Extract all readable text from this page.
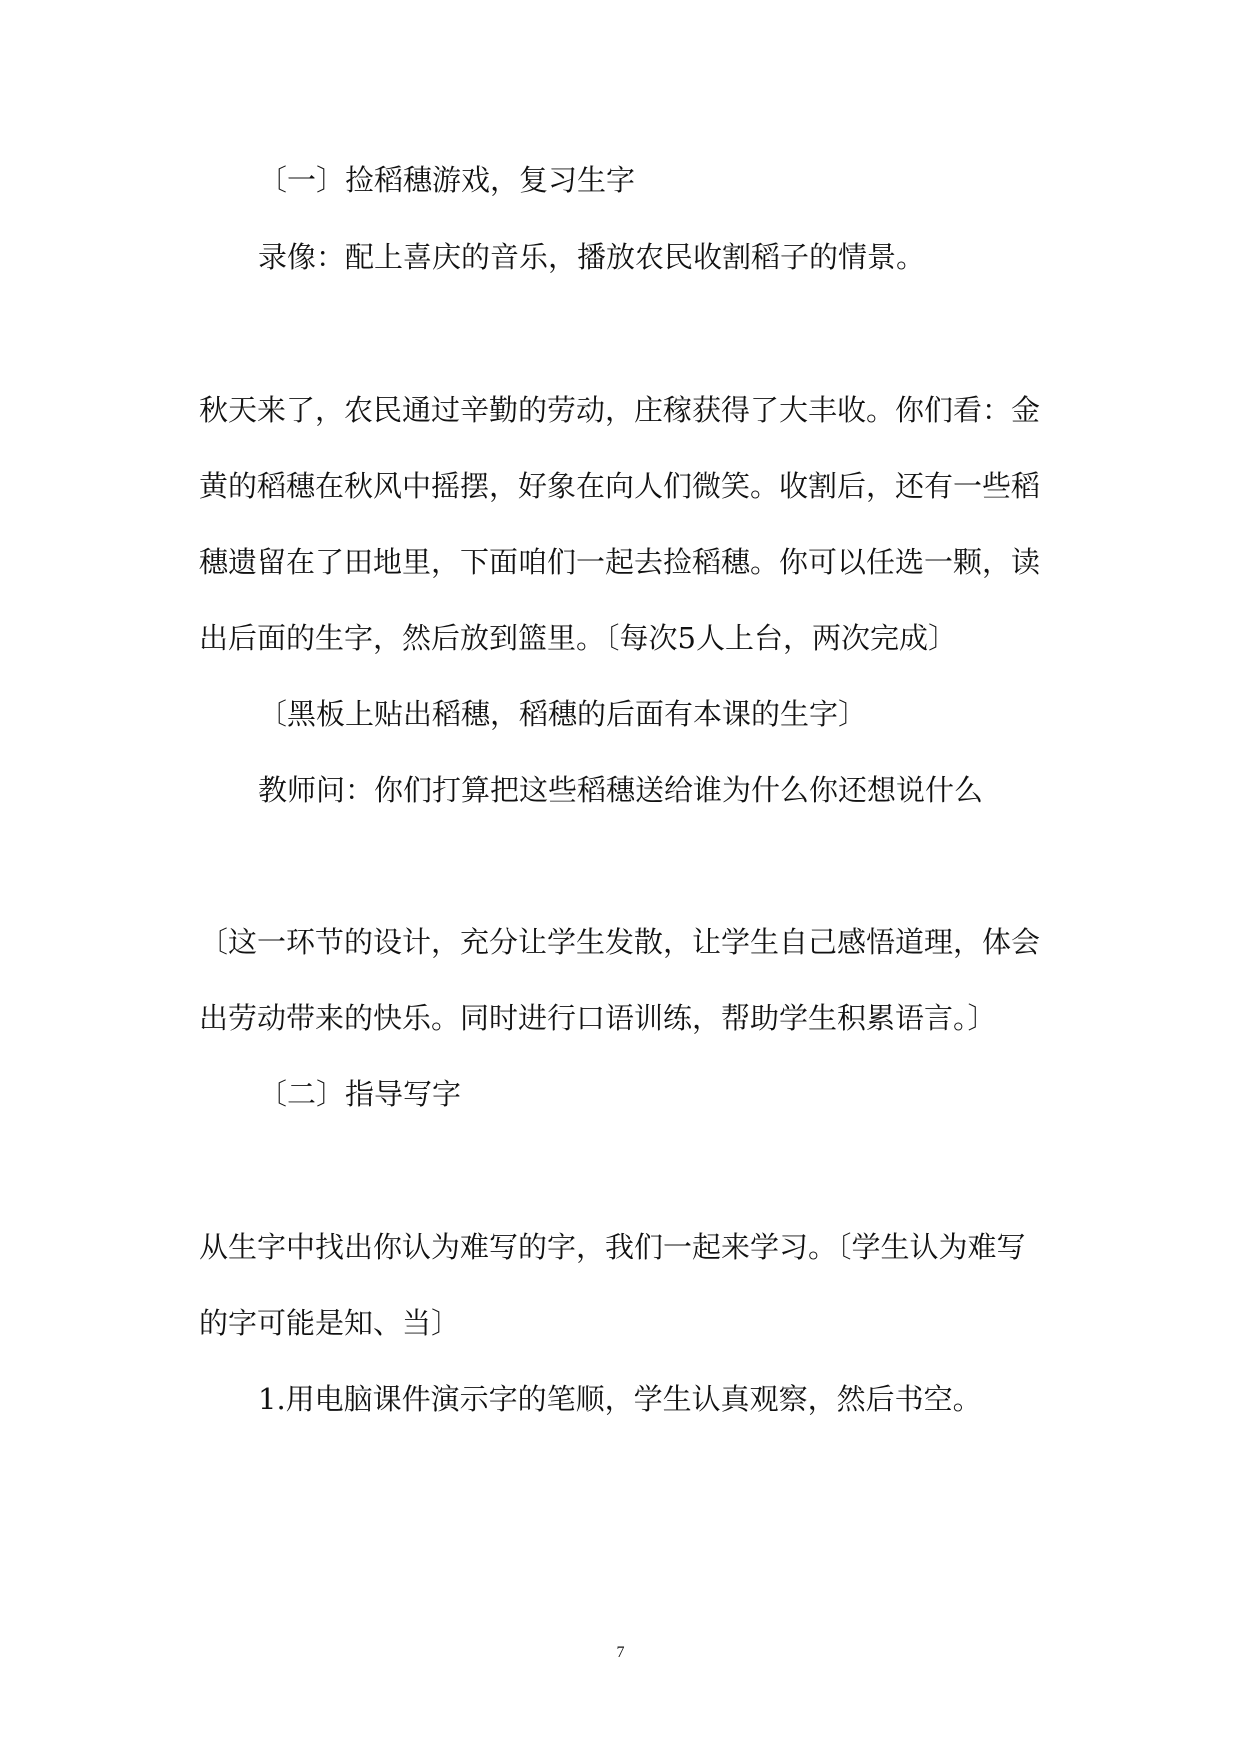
〔一〕捡稻穗游戏，复习生字
录像：配上喜庆的音乐，播放农民收割稻子的情景。
秋天来了，农民通过辛勤的劳动，庄稼获得了大丰收。你们看：金
黄的稻穗在秋风中摇摆，好象在向人们微笑。收割后，还有一些稻
穗遗留在了田地里，下面咱们一起去捡稻穗。你可以任选一颗，读
出后面的生字，然后放到篮里。〔每次5人上台，两次完成〕
〔黑板上贴出稻穗，稻穗的后面有本课的生字〕
教师问：你们打算把这些稻穗送给谁为什么你还想说什么
〔这一环节的设计，充分让学生发散，让学生自己感悟道理，体会
出劳动带来的快乐。同时进行口语训练，帮助学生积累语言。〕
〔二〕指导写字
从生字中找出你认为难写的字，我们一起来学习。〔学生认为难写
的字可能是知、当〕
1.用电脑课件演示字的笔顺，学生认真观察，然后书空。
7
